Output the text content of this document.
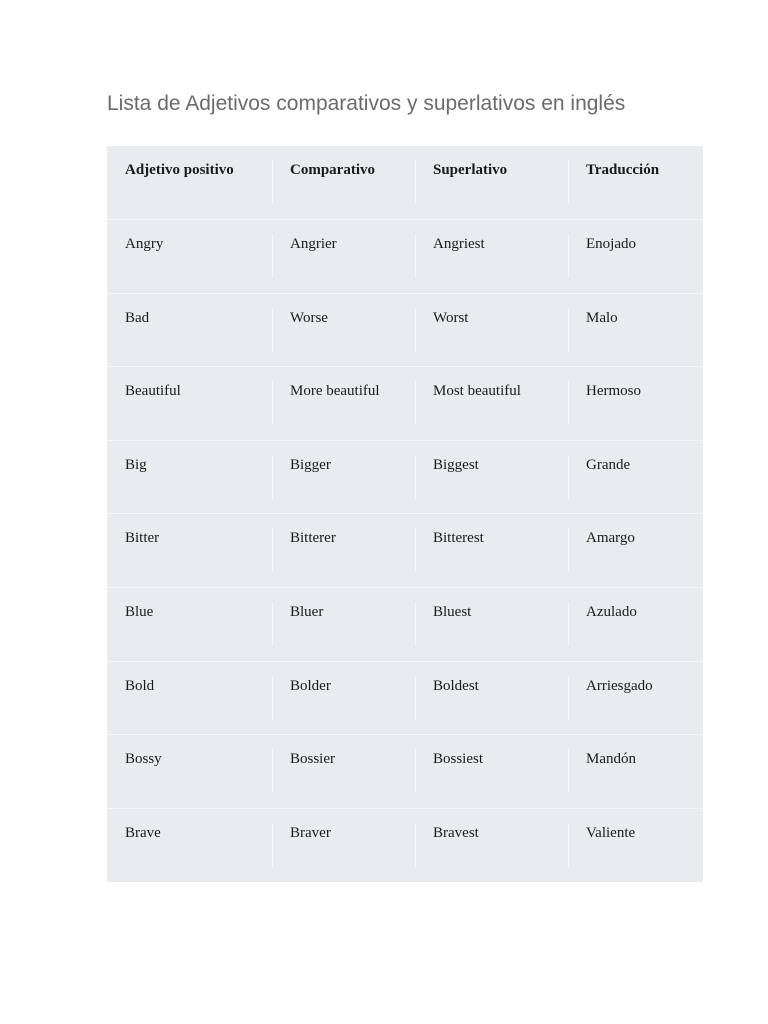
Lista de Adjetivos comparativos y superlativos en inglés
Adjetivo positivo	Comparativo	Superlativo	Traducción

Angry	Angrier	Angriest	Enojado

Bad	Worse	Worst	Malo

Beautiful	More beautiful	Most beautiful	Hermoso

Big	Bigger	Biggest	Grande

Bitter	Bitterer	Bitterest	Amargo

Blue	Bluer	Bluest	Azulado

Bold	Bolder	Boldest	Arriesgado

Bossy	Bossier	Bossiest	Mandón

Brave	Braver	Bravest	Valiente
